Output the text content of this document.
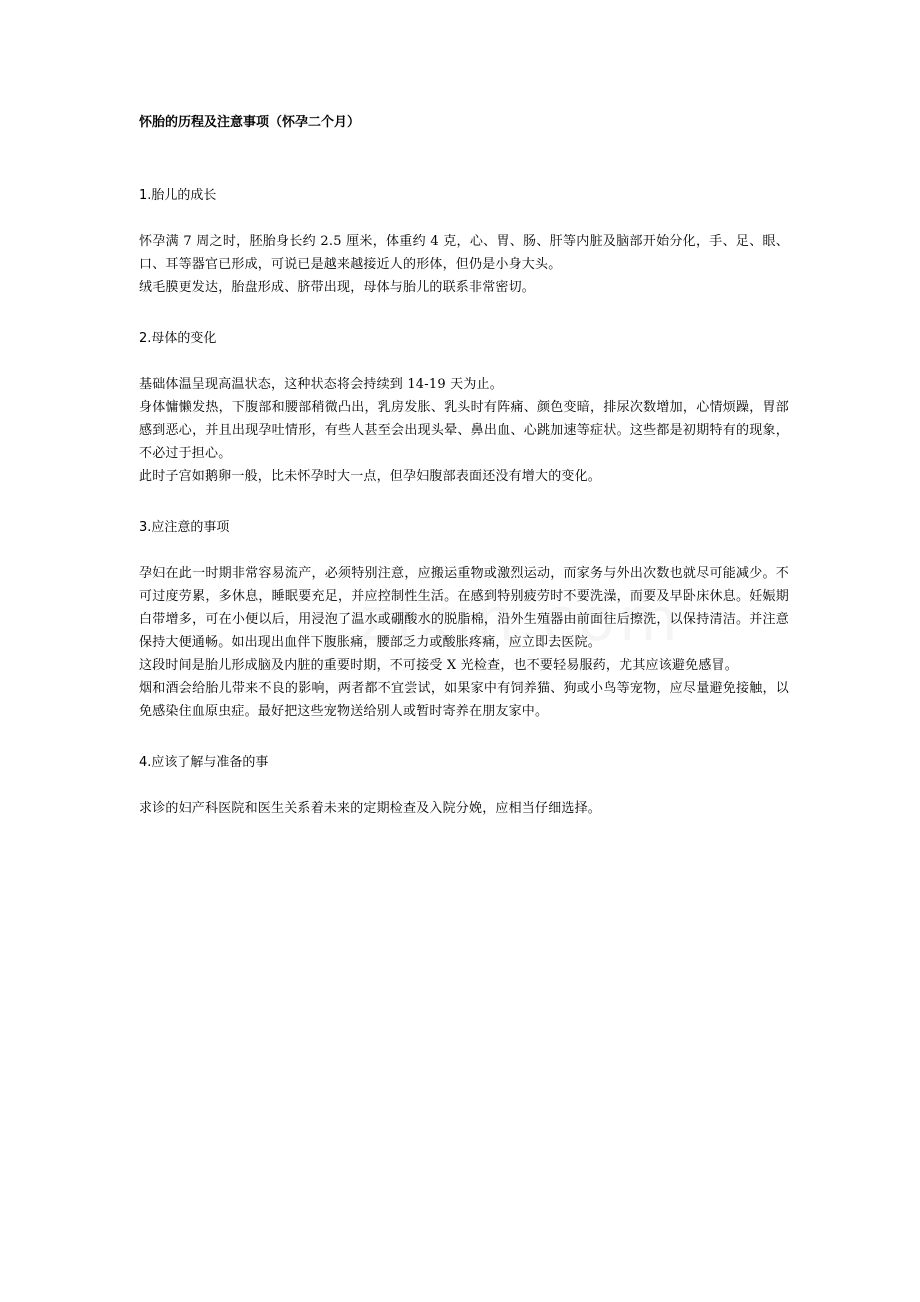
怀胎的历程及注意事项（怀孕二个月）

1.胎儿的成长

怀孕满 7 周之时，胚胎身长约 2.5 厘米，体重约 4 克，心、胃、肠、肝等内脏及脑部开始分化，手、足、眼、口、耳等器官已形成，可说已是越来越接近人的形体，但仍是小身大头。

绒毛膜更发达，胎盘形成、脐带出现，母体与胎儿的联系非常密切。

2.母体的变化

基础体温呈现高温状态，这种状态将会持续到 14-19 天为止。

身体慵懒发热，下腹部和腰部稍微凸出，乳房发胀、乳头时有阵痛、颜色变暗，排尿次数增加，心情烦躁，胃部感到恶心，并且出现孕吐情形，有些人甚至会出现头晕、鼻出血、心跳加速等症状。这些都是初期特有的现象，不必过于担心。

此时子宫如鹅卵一般，比未怀孕时大一点，但孕妇腹部表面还没有增大的变化。

3.应注意的事项

孕妇在此一时期非常容易流产，必须特别注意，应搬运重物或激烈运动，而家务与外出次数也就尽可能减少。不可过度劳累，多休息，睡眠要充足，并应控制性生活。在感到特别疲劳时不要洗澡，而要及早卧床休息。妊娠期白带增多，可在小便以后，用浸泡了温水或硼酸水的脱脂棉，沿外生殖器由前面往后擦洗，以保持清洁。并注意保持大便通畅。如出现出血伴下腹胀痛，腰部乏力或酸胀疼痛，应立即去医院。

这段时间是胎儿形成脑及内脏的重要时期，不可接受 X 光检查，也不要轻易服药，尤其应该避免感冒。

烟和酒会给胎儿带来不良的影响，两者都不宜尝试，如果家中有饲养猫、狗或小鸟等宠物，应尽量避免接触，以免感染住血原虫症。最好把这些宠物送给别人或暂时寄养在朋友家中。

4.应该了解与准备的事

求诊的妇产科医院和医生关系着未来的定期检查及入院分娩，应相当仔细选择。
